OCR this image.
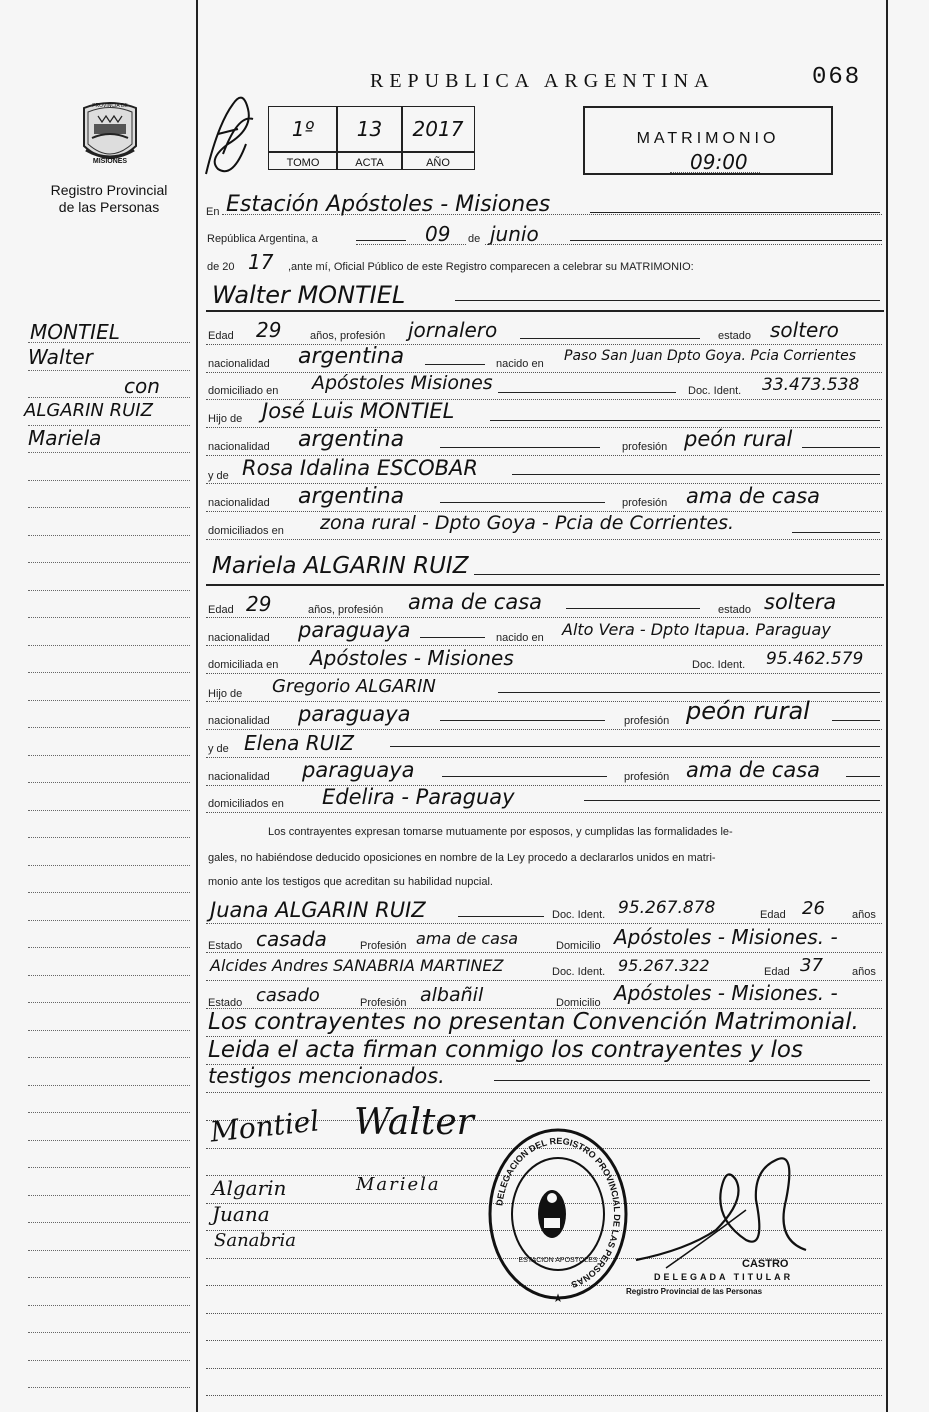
REPUBLICA ARGENTINA	068
PROVINCIA DE
MISIONES
Registro Provincial
de las Personas
1º	13	2017
TOMO	ACTA	AÑO
MATRIMONIO
09:00
En Estación Apóstoles - Misiones
República Argentina, a	09 de junio
de 20 17 ,ante mí, Oficial Público de este Registro comparecen a celebrar su MATRIMONIO:
Walter MONTIEL
Edad 29	años, profesión jornalero	estado soltero
nacionalidad argentina	nacido en Paso San Juan Dpto Goya. Pcia Corrientes
domiciliado en Apóstoles Misiones	Doc. Ident. 33.473.538
Hijo de José Luis MONTIEL
nacionalidad argentina	profesión peón rural
y de Rosa Idalina ESCOBAR
nacionalidad argentina	profesión ama de casa
domiciliados en zona rural - Dpto Goya - Pcia de Corrientes.
Mariela ALGARIN RUIZ
Edad 29	años, profesión ama de casa	estado soltera
nacionalidad paraguaya	nacido en Alto Vera - Dpto Itapua. Paraguay
domiciliada en Apóstoles - Misiones	Doc. Ident. 95.462.579
Hijo de Gregorio ALGARIN
nacionalidad paraguaya	profesión peón rural
y de Elena RUIZ
nacionalidad paraguaya	profesión ama de casa
domiciliados en Edelira - Paraguay
Los contrayentes expresan tomarse mutuamente por esposos, y cumplidas las formalidades le-
gales, no habiéndose deducido oposiciones en nombre de la Ley procedo a declararlos unidos en matri-
monio ante los testigos que acreditan su habilidad nupcial.
Juana ALGARIN RUIZ	Doc. Ident. 95.267.878	Edad 26 años
Estado casada	Profesión ama de casa	Domicilio Apóstoles - Misiones. -
Alcides Andres SANABRIA MARTINEZ	Doc. Ident. 95.267.322	Edad 37	años
Estado casado	Profesión albañil	Domicilio Apóstoles - Misiones. -
Los contrayentes no presentan Convención Matrimonial.
Leida el acta firman conmigo los contrayentes y los
testigos mencionados.
Montiel Walter
Mariela
Algarin
Juana
Sanabria
DELEGACION DEL REGISTRO PROVINCIAL DE LAS PERSONAS
ESTACION APOSTOLES
★
CASTRO
DELEGADA TITULAR
Registro Provincial de las Personas
MONTIEL
Walter
con
ALGARIN RUIZ
Mariela
